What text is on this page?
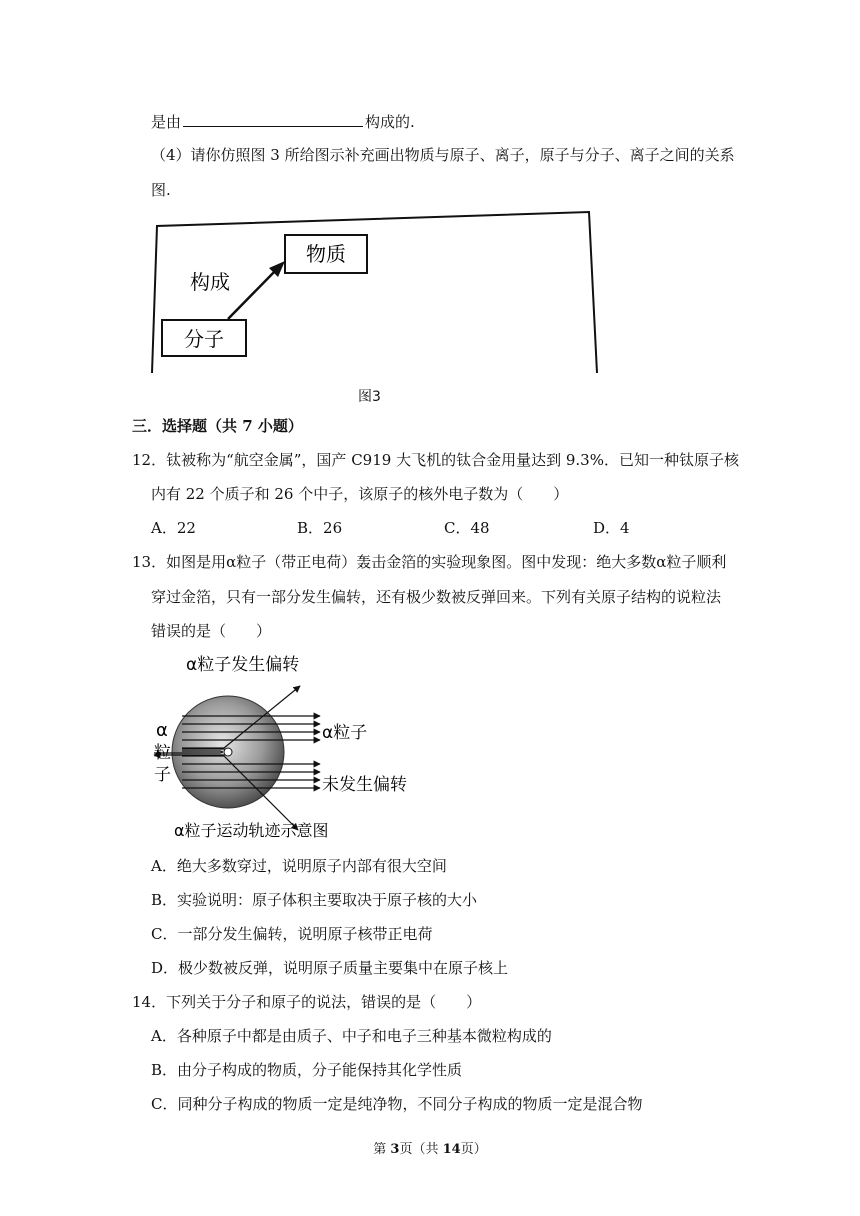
是由	构成的.
（4）请你仿照图 3 所给图示补充画出物质与原子、离子，原子与分子、离子之间的关系
图.
物质
分子
构成
图3
三．选择题（共 7 小题）
12．钛被称为“航空金属”，国产 C919 大飞机的钛合金用量达到 9.3%．已知一种钛原子核
内有 22 个质子和 26 个中子，该原子的核外电子数为（　　）
A．22	B．26	C．48	D．4
13．如图是用α粒子（带正电荷）轰击金箔的实验现象图。图中发现：绝大多数α粒子顺利
穿过金箔，只有一部分发生偏转，还有极少数被反弹回来。下列有关原子结构的说粒法
错误的是（　　）
α粒子发生偏转
α粒子
α
粒
子	未发生偏转
α粒子运动轨迹示意图
A．绝大多数穿过，说明原子内部有很大空间
B．实验说明：原子体积主要取决于原子核的大小
C．一部分发生偏转，说明原子核带正电荷
D．极少数被反弹，说明原子质量主要集中在原子核上
14．下列关于分子和原子的说法，错误的是（　　）
A．各种原子中都是由质子、中子和电子三种基本微粒构成的
B．由分子构成的物质，分子能保持其化学性质
C．同种分子构成的物质一定是纯净物，不同分子构成的物质一定是混合物
第 3页（共 14页）
